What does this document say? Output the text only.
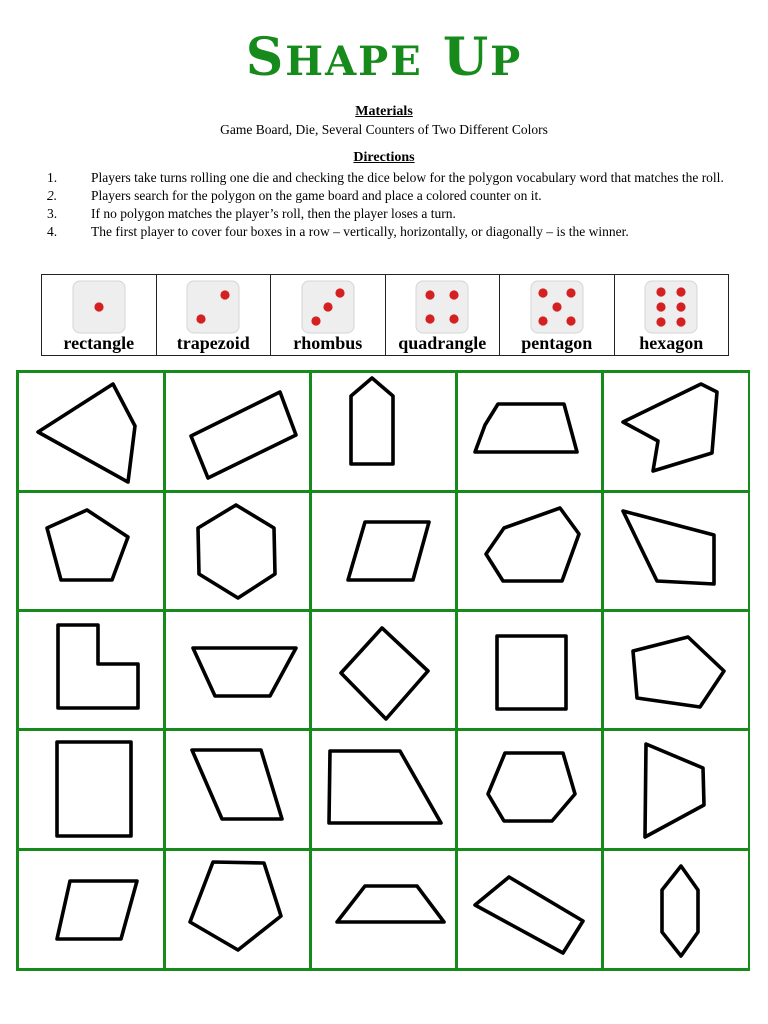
SHAPE UP
Materials
Game Board, Die, Several Counters of Two Different Colors
Directions
1.	Players take turns rolling one die and checking the dice below for the polygon vocabulary word that matches the roll.
2.	Players search for the polygon on the game board and place a colored counter on it.
3.	If no polygon matches the player’s roll, then the player loses a turn.
4.	The first player to cover four boxes in a row – vertically, horizontally, or diagonally – is the winner.
rectangle	trapezoid	rhombus	quadrangle	pentagon	hexagon
